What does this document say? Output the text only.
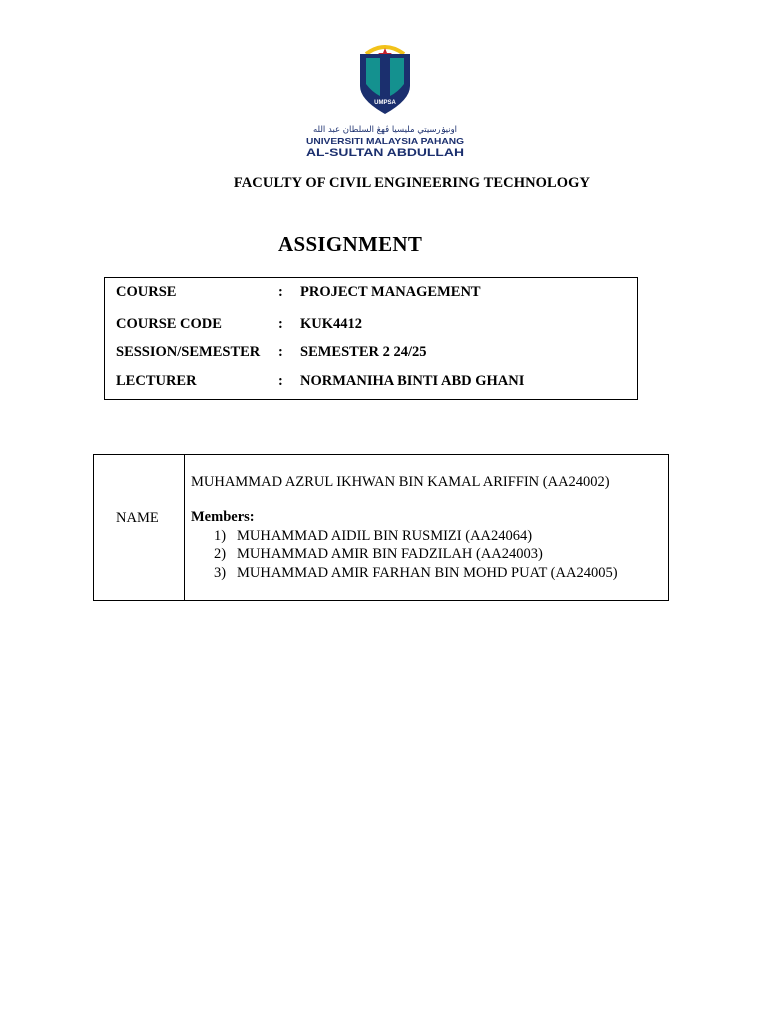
UMPSA
اونيۏرسيتي مليسيا ڤهڠ السلطان عبد الله
UNIVERSITI MALAYSIA PAHANG
AL-SULTAN ABDULLAH
FACULTY OF CIVIL ENGINEERING TECHNOLOGY
ASSIGNMENT
COURSE	: PROJECT MANAGEMENT
COURSE CODE	: KUK4412
SESSION/SEMESTER : SEMESTER 2 24/25
LECTURER	: NORMANIHA BINTI ABD GHANI
NAME
MUHAMMAD AZRUL IKHWAN BIN KAMAL ARIFFIN (AA24002)
Members:
1) MUHAMMAD AIDIL BIN RUSMIZI (AA24064)
2) MUHAMMAD AMIR BIN FADZILAH (AA24003)
3) MUHAMMAD AMIR FARHAN BIN MOHD PUAT (AA24005)
